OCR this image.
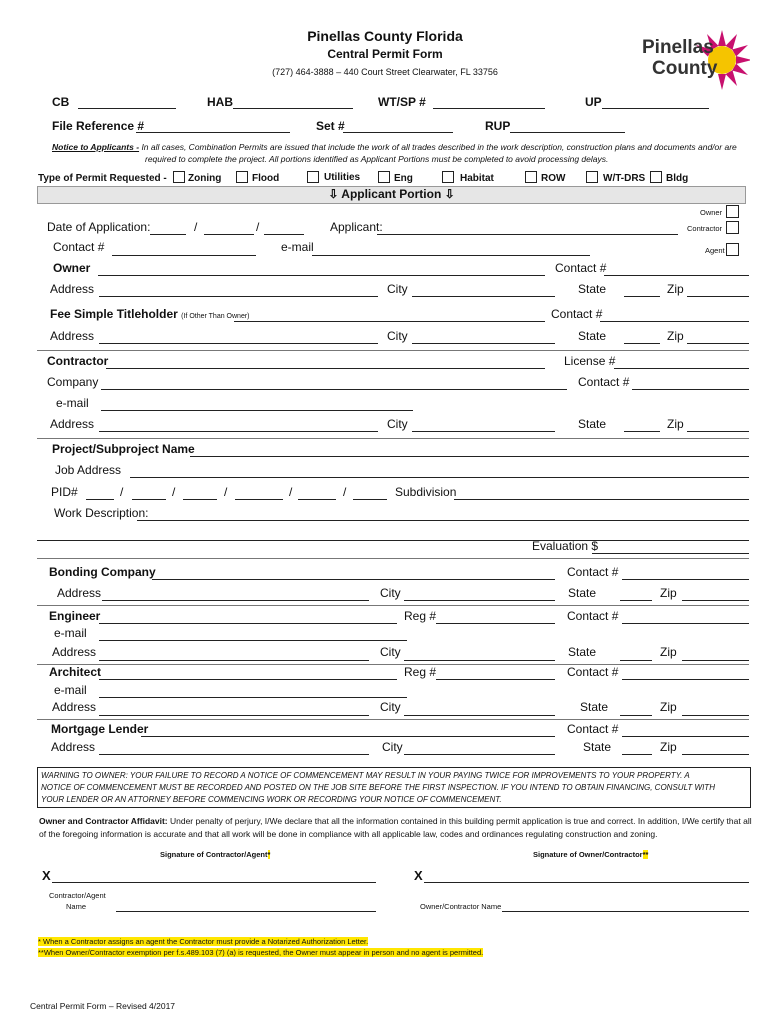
Pinellas County Florida
Central Permit Form
(727) 464-3888 – 440 Court Street Clearwater, FL 33756
Pinellas
County
CB	HAB	WT/SP #	UP
File Reference #	Set #	RUP
Notice to Applicants - In all cases, Combination Permits are issued that include the work of all trades described in the work description, construction plans and documents and/or are
required to complete the project. All portions identified as Applicant Portions must be completed to avoid processing delays.
Type of Permit Requested - Zoning	Flood	Utilities	Eng	Habitat	ROW	W/T-DRS Bldg
⇩ Applicant Portion ⇩
Owner
Contractor
Agent
Date of Application:	/	/	Applicant:
Contact #	e-mail
Owner	Contact #
Address	City	State	Zip
Fee Simple Titleholder (If Other Than Owner)	Contact #
Address	City	State	Zip
Contractor	License #
Company	Contact #
e-mail
Address	City	State	Zip
Project/Subproject Name
Job Address
PID#	/	/	/	/	/	Subdivision
Work Description:
Evaluation $
Bonding Company	Contact #
Address	City	State	Zip
Engineer	Reg #	Contact #
e-mail
Address	City	State	Zip
Architect	Reg #	Contact #
e-mail
Address	City	State	Zip
Mortgage Lender	Contact #
Address	City	State	Zip
WARNING TO OWNER: YOUR FAILURE TO RECORD A NOTICE OF COMMENCEMENT MAY RESULT IN YOUR PAYING TWICE FOR IMPROVEMENTS TO YOUR PROPERTY. A
NOTICE OF COMMENCEMENT MUST BE RECORDED AND POSTED ON THE JOB SITE BEFORE THE FIRST INSPECTION. IF YOU INTEND TO OBTAIN FINANCING, CONSULT WITH
YOUR LENDER OR AN ATTORNEY BEFORE COMMENCING WORK OR RECORDING YOUR NOTICE OF COMMENCEMENT.
Owner and Contractor Affidavit: Under penalty of perjury, I/We declare that all the information contained in this building permit application is true and correct. In addition, I/We certify that all
of the foregoing information is accurate and that all work will be done in compliance with all applicable law, codes and ordinances regulating construction and zoning.
Signature of Contractor/Agent*	Signature of Owner/Contractor**
X	X
Contractor/Agent
Name	Owner/Contractor Name
* When a Contractor assigns an agent the Contractor must provide a Notarized Authorization Letter.
**When Owner/Contractor exemption per f.s.489.103 (7) (a) is requested, the Owner must appear in person and no agent is permitted.
Central Permit Form – Revised 4/2017
